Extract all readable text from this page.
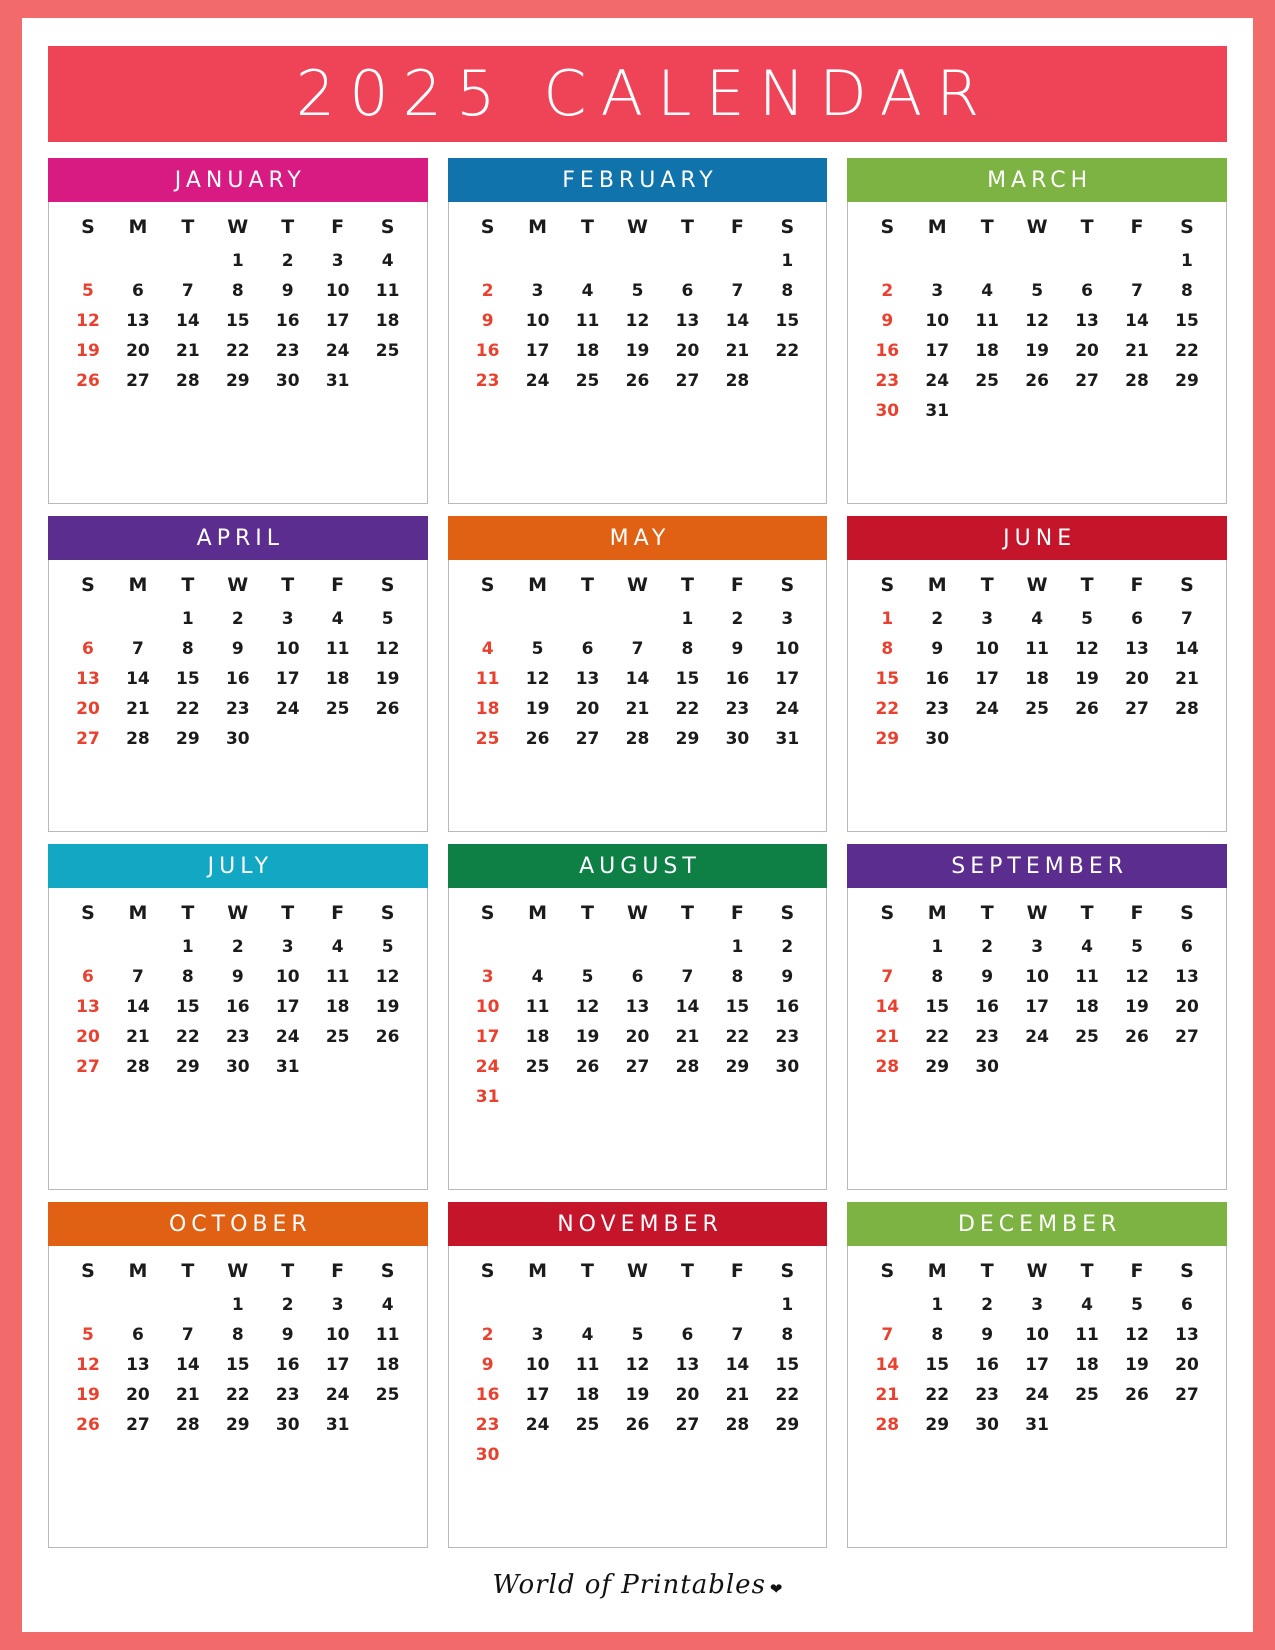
2025 CALENDAR
JANUARY
S	M	T	W	T	F	S
			1	2	3	4
5	6	7	8	9	10	11
12	13	14	15	16	17	18
19	20	21	22	23	24	25
26	27	28	29	30	31	
FEBRUARY
S	M	T	W	T	F	S
						1
2	3	4	5	6	7	8
9	10	11	12	13	14	15
16	17	18	19	20	21	22
23	24	25	26	27	28	
MARCH
S	M	T	W	T	F	S
						1
2	3	4	5	6	7	8
9	10	11	12	13	14	15
16	17	18	19	20	21	22
23	24	25	26	27	28	29
30	31					
APRIL
S	M	T	W	T	F	S
		1	2	3	4	5
6	7	8	9	10	11	12
13	14	15	16	17	18	19
20	21	22	23	24	25	26
27	28	29	30			
MAY
S	M	T	W	T	F	S
				1	2	3
4	5	6	7	8	9	10
11	12	13	14	15	16	17
18	19	20	21	22	23	24
25	26	27	28	29	30	31
JUNE
S	M	T	W	T	F	S
1	2	3	4	5	6	7
8	9	10	11	12	13	14
15	16	17	18	19	20	21
22	23	24	25	26	27	28
29	30					
JULY
S	M	T	W	T	F	S
		1	2	3	4	5
6	7	8	9	10	11	12
13	14	15	16	17	18	19
20	21	22	23	24	25	26
27	28	29	30	31		
AUGUST
S	M	T	W	T	F	S
					1	2
3	4	5	6	7	8	9
10	11	12	13	14	15	16
17	18	19	20	21	22	23
24	25	26	27	28	29	30
31						
SEPTEMBER
S	M	T	W	T	F	S
	1	2	3	4	5	6
7	8	9	10	11	12	13
14	15	16	17	18	19	20
21	22	23	24	25	26	27
28	29	30				
OCTOBER
S	M	T	W	T	F	S
			1	2	3	4
5	6	7	8	9	10	11
12	13	14	15	16	17	18
19	20	21	22	23	24	25
26	27	28	29	30	31	
NOVEMBER
S	M	T	W	T	F	S
						1
2	3	4	5	6	7	8
9	10	11	12	13	14	15
16	17	18	19	20	21	22
23	24	25	26	27	28	29
30						
DECEMBER
S	M	T	W	T	F	S
	1	2	3	4	5	6
7	8	9	10	11	12	13
14	15	16	17	18	19	20
21	22	23	24	25	26	27
28	29	30	31			
World of Printables ❤
